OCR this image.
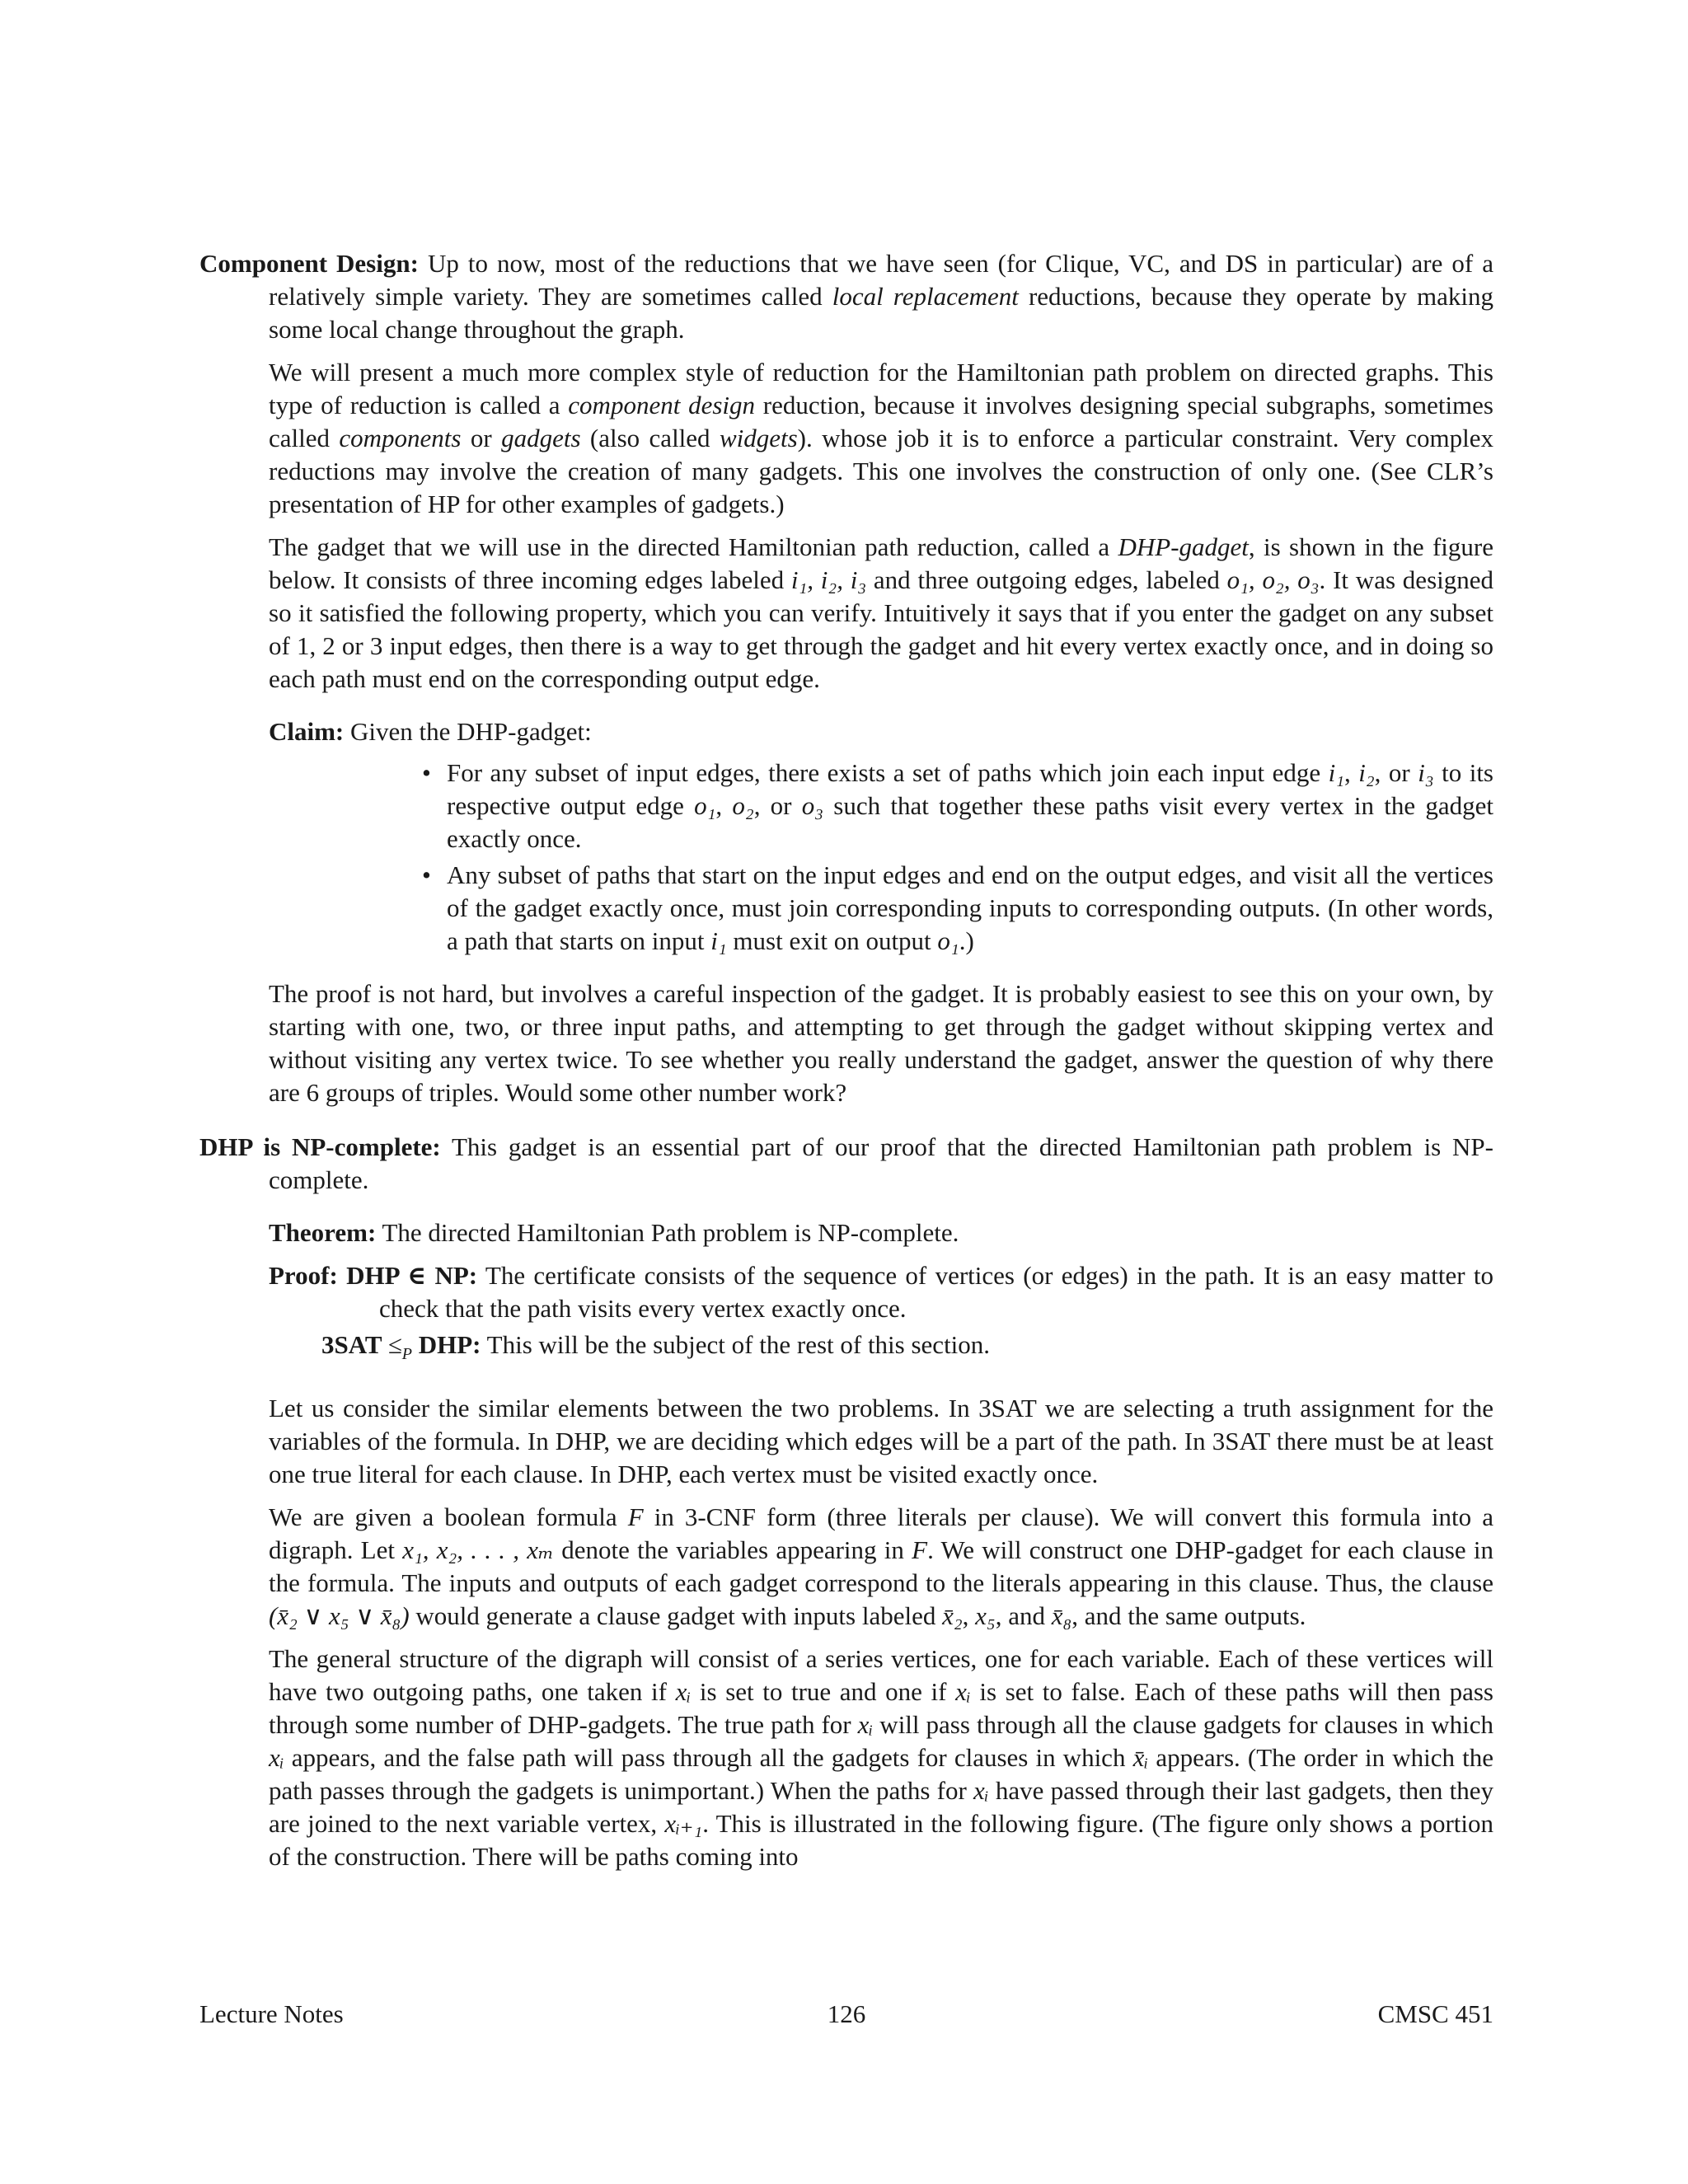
Component Design: Up to now, most of the reductions that we have seen (for Clique, VC, and DS in particular) are of a relatively simple variety. They are sometimes called local replacement reductions, because they operate by making some local change throughout the graph.

We will present a much more complex style of reduction for the Hamiltonian path problem on directed graphs. This type of reduction is called a component design reduction, because it involves designing special subgraphs, sometimes called components or gadgets (also called widgets). whose job it is to enforce a particular constraint. Very complex reductions may involve the creation of many gadgets. This one involves the construction of only one. (See CLR’s presentation of HP for other examples of gadgets.)

The gadget that we will use in the directed Hamiltonian path reduction, called a DHP-gadget, is shown in the figure below. It consists of three incoming edges labeled i₁, i₂, i₃ and three outgoing edges, labeled o₁, o₂, o₃. It was designed so it satisfied the following property, which you can verify. Intuitively it says that if you enter the gadget on any subset of 1, 2 or 3 input edges, then there is a way to get through the gadget and hit every vertex exactly once, and in doing so each path must end on the corresponding output edge.

Claim: Given the DHP-gadget:
• For any subset of input edges, there exists a set of paths which join each input edge i₁, i₂, or i₃ to its respective output edge o₁, o₂, or o₃ such that together these paths visit every vertex in the gadget exactly once.
• Any subset of paths that start on the input edges and end on the output edges, and visit all the vertices of the gadget exactly once, must join corresponding inputs to corresponding outputs. (In other words, a path that starts on input i₁ must exit on output o₁.)

The proof is not hard, but involves a careful inspection of the gadget. It is probably easiest to see this on your own, by starting with one, two, or three input paths, and attempting to get through the gadget without skipping vertex and without visiting any vertex twice. To see whether you really understand the gadget, answer the question of why there are 6 groups of triples. Would some other number work?

DHP is NP-complete: This gadget is an essential part of our proof that the directed Hamiltonian path problem is NP-complete.

Theorem: The directed Hamiltonian Path problem is NP-complete.

Proof: DHP ∈ NP: The certificate consists of the sequence of vertices (or edges) in the path. It is an easy matter to check that the path visits every vertex exactly once.

$3SAT \le_P$ DHP: This will be the subject of the rest of this section.

Let us consider the similar elements between the two problems. In 3SAT we are selecting a truth assignment for the variables of the formula. In DHP, we are deciding which edges will be a part of the path. In 3SAT there must be at least one true literal for each clause. In DHP, each vertex must be visited exactly once.

We are given a boolean formula F in 3-CNF form (three literals per clause). We will convert this formula into a digraph. Let x₁, x₂, . . . , xₘ denote the variables appearing in F. We will construct one DHP-gadget for each clause in the formula. The inputs and outputs of each gadget correspond to the literals appearing in this clause. Thus, the clause (x̄₂ ∨ x₅ ∨ x̄₈) would generate a clause gadget with inputs labeled x̄₂, x₅, and x̄₈, and the same outputs.

The general structure of the digraph will consist of a series vertices, one for each variable. Each of these vertices will have two outgoing paths, one taken if xᵢ is set to true and one if xᵢ is set to false. Each of these paths will then pass through some number of DHP-gadgets. The true path for xᵢ will pass through all the clause gadgets for clauses in which xᵢ appears, and the false path will pass through all the gadgets for clauses in which x̄ᵢ appears. (The order in which the path passes through the gadgets is unimportant.) When the paths for xᵢ have passed through their last gadgets, then they are joined to the next variable vertex, xᵢ₊₁. This is illustrated in the following figure. (The figure only shows a portion of the construction. There will be paths coming into

126
Lecture Notes	CMSC 451
